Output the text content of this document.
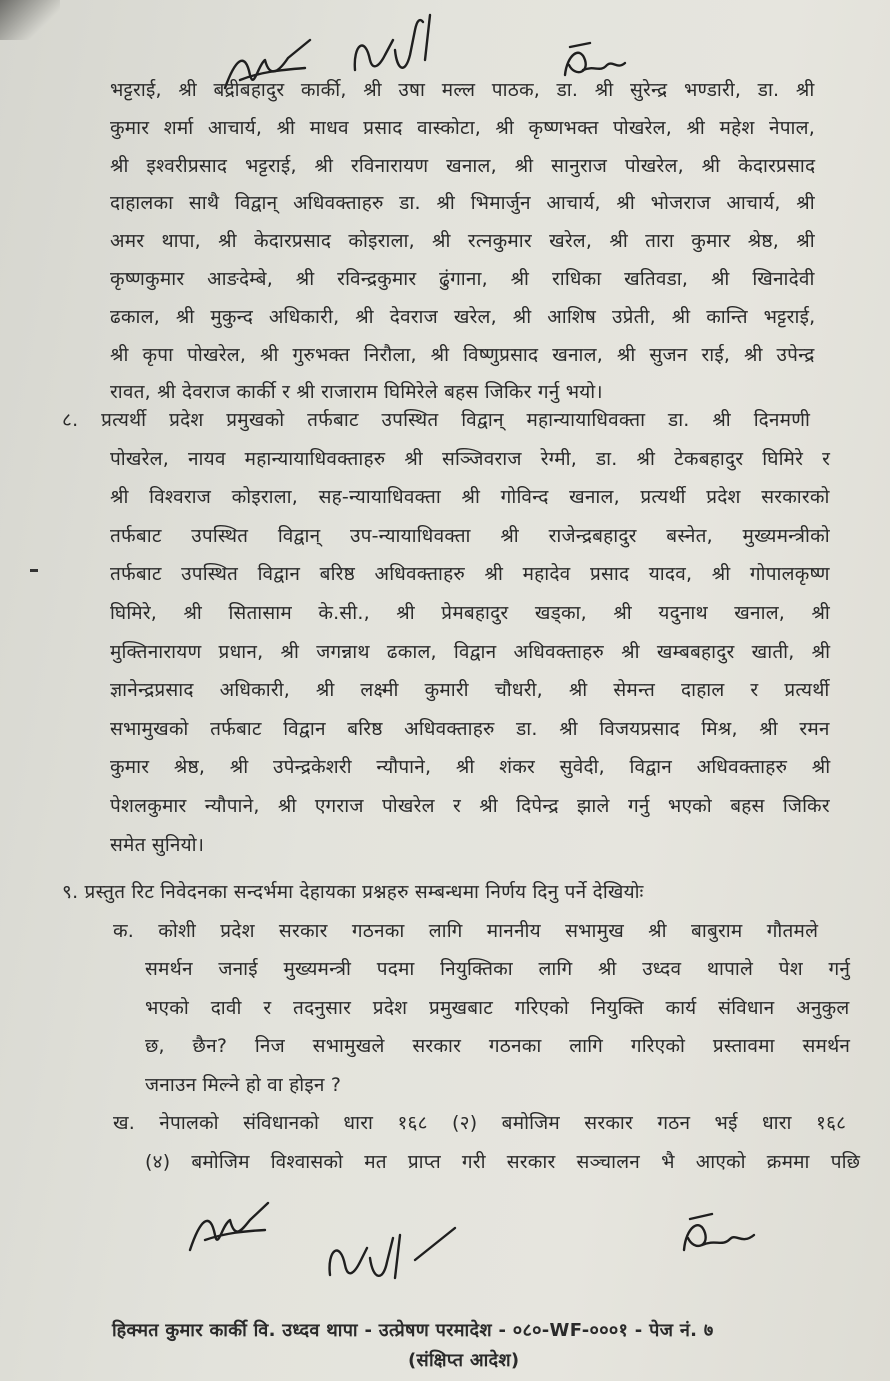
भट्टराई, श्री बद्रीबहादुर कार्की, श्री उषा मल्ल पाठक, डा. श्री सुरेन्द्र भण्डारी, डा. श्री
कुमार शर्मा आचार्य, श्री माधव प्रसाद वास्कोटा, श्री कृष्णभक्त पोखरेल, श्री महेश नेपाल,
श्री इश्वरीप्रसाद भट्टराई, श्री रविनारायण खनाल, श्री सानुराज पोखरेल, श्री केदारप्रसाद
दाहालका साथै विद्वान् अधिवक्ताहरु डा. श्री भिमार्जुन आचार्य, श्री भोजराज आचार्य, श्री
अमर थापा, श्री केदारप्रसाद कोइराला, श्री रत्नकुमार खरेल, श्री तारा कुमार श्रेष्ठ, श्री
कृष्णकुमार आङदेम्बे, श्री रविन्द्रकुमार ढुंगाना, श्री राधिका खतिवडा, श्री खिनादेवी
ढकाल, श्री मुकुन्द अधिकारी, श्री देवराज खरेल, श्री आशिष उप्रेती, श्री कान्ति भट्टराई,
श्री कृपा पोखरेल, श्री गुरुभक्त निरौला, श्री विष्णुप्रसाद खनाल, श्री सुजन राई, श्री उपेन्द्र
रावत, श्री देवराज कार्की र श्री राजाराम घिमिरेले बहस जिकिर गर्नु भयो।
८. प्रत्यर्थी प्रदेश प्रमुखको तर्फबाट उपस्थित विद्वान् महान्यायाधिवक्ता डा. श्री दिनमणी
पोखरेल, नायव महान्यायाधिवक्ताहरु श्री सञ्जिवराज रेग्मी, डा. श्री टेकबहादुर घिमिरे र
श्री विश्वराज कोइराला, सह-न्यायाधिवक्ता श्री गोविन्द खनाल, प्रत्यर्थी प्रदेश सरकारको
तर्फबाट उपस्थित विद्वान् उप-न्यायाधिवक्ता श्री राजेन्द्रबहादुर बस्नेत, मुख्यमन्त्रीको
तर्फबाट उपस्थित विद्वान बरिष्ठ अधिवक्ताहरु श्री महादेव प्रसाद यादव, श्री गोपालकृष्ण
घिमिरे, श्री सितासाम के.सी., श्री प्रेमबहादुर खड्का, श्री यदुनाथ खनाल, श्री
मुक्तिनारायण प्रधान, श्री जगन्नाथ ढकाल, विद्वान अधिवक्ताहरु श्री खम्बबहादुर खाती, श्री
ज्ञानेन्द्रप्रसाद अधिकारी, श्री लक्ष्मी कुमारी चौधरी, श्री सेमन्त दाहाल र प्रत्यर्थी
सभामुखको तर्फबाट विद्वान बरिष्ठ अधिवक्ताहरु डा. श्री विजयप्रसाद मिश्र, श्री रमन
कुमार श्रेष्ठ, श्री उपेन्द्रकेशरी न्यौपाने, श्री शंकर सुवेदी, विद्वान अधिवक्ताहरु श्री
पेशलकुमार न्यौपाने, श्री एगराज पोखरेल र श्री दिपेन्द्र झाले गर्नु भएको बहस जिकिर
समेत सुनियो।
९. प्रस्तुत रिट निवेदनका सन्दर्भमा देहायका प्रश्नहरु सम्बन्धमा निर्णय दिनु पर्ने देखियोः
क. कोशी प्रदेश सरकार गठनका लागि माननीय सभामुख श्री बाबुराम गौतमले
समर्थन जनाई मुख्यमन्त्री पदमा नियुक्तिका लागि श्री उध्दव थापाले पेश गर्नु
भएको दावी र तदनुसार प्रदेश प्रमुखबाट गरिएको नियुक्ति कार्य संविधान अनुकुल
छ, छैन? निज सभामुखले सरकार गठनका लागि गरिएको प्रस्तावमा समर्थन
जनाउन मिल्ने हो वा होइन ?
ख. नेपालको संविधानको धारा १६८ (२) बमोजिम सरकार गठन भई धारा १६८
(४) बमोजिम विश्वासको मत प्राप्त गरी सरकार सञ्चालन भै आएको क्रममा पछि
हिक्मत कुमार कार्की वि. उध्दव थापा - उत्प्रेषण परमादेश - ०८०-WF-०००१ - पेज नं. ७
(संक्षिप्त आदेश)
